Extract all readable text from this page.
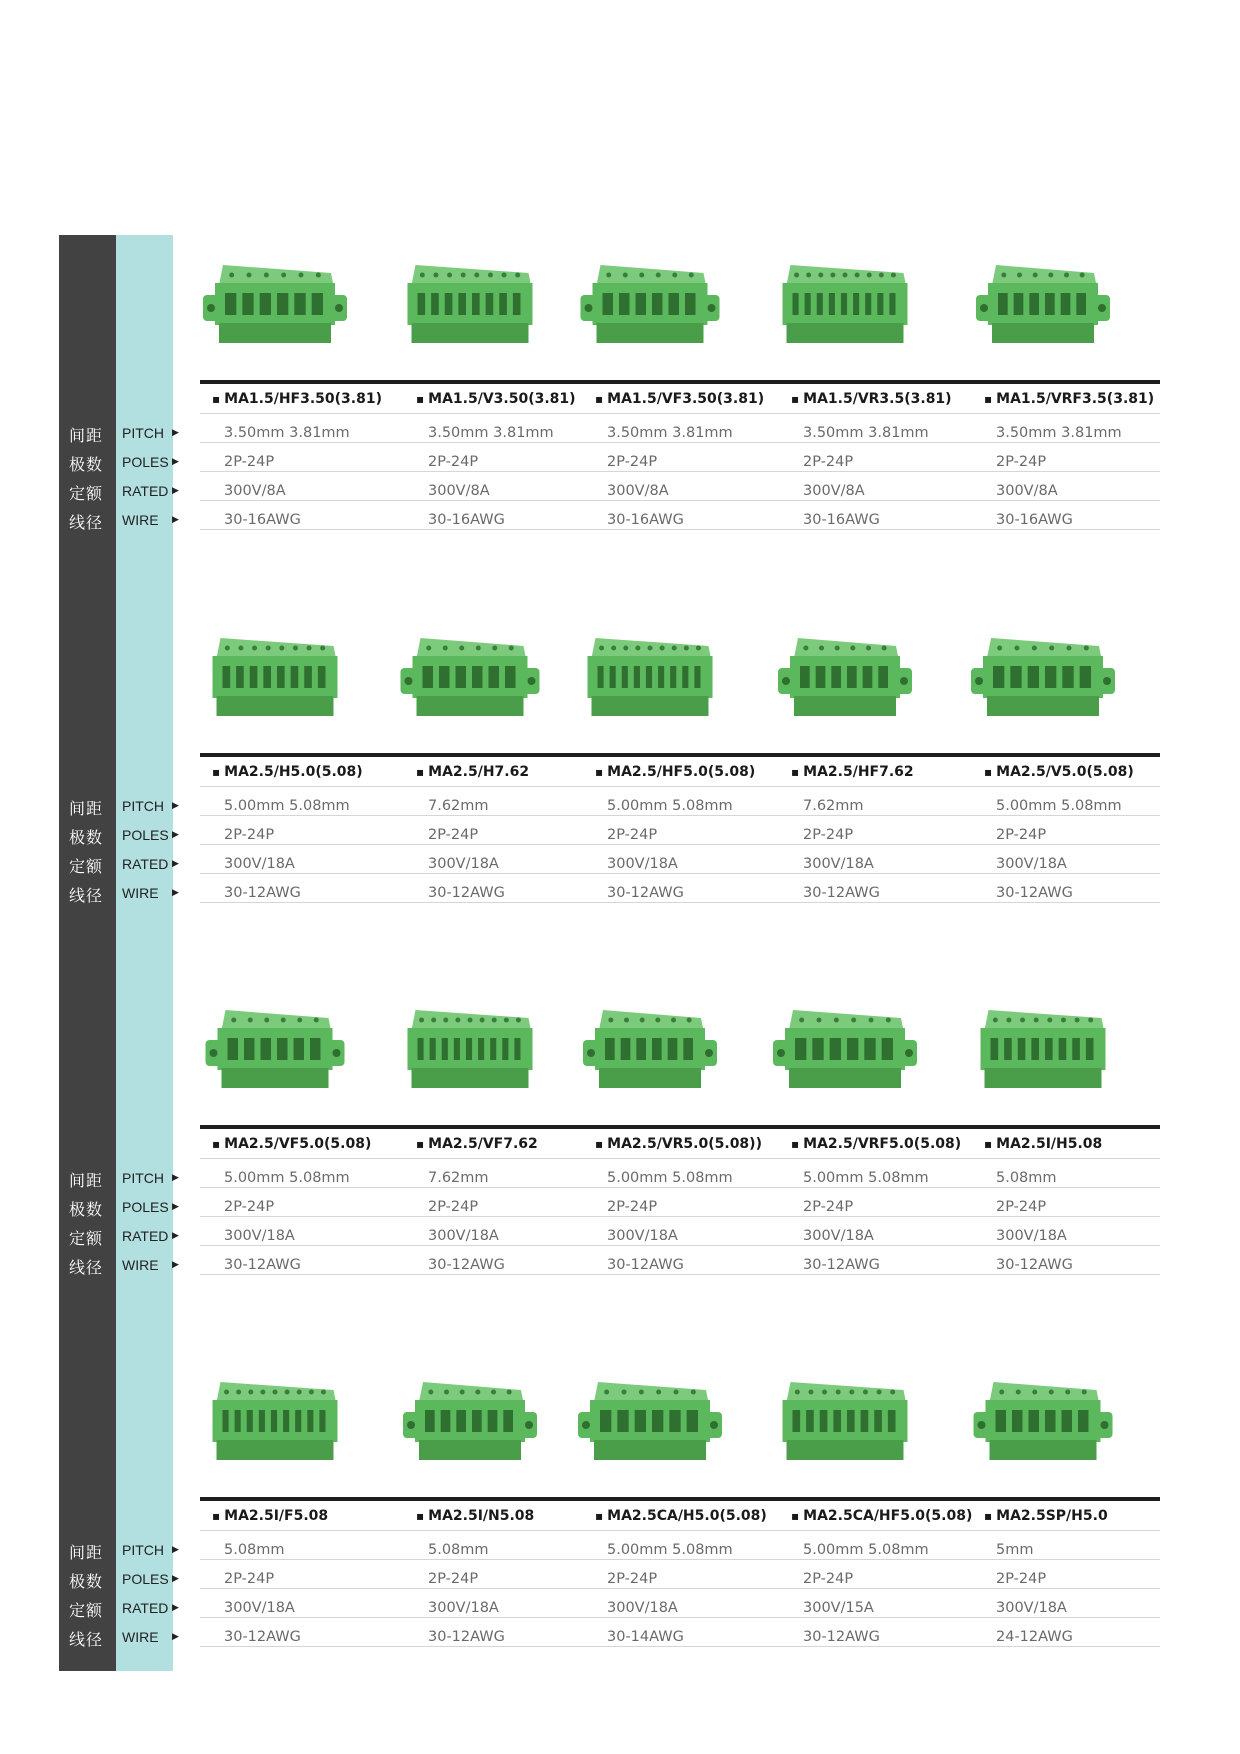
间距 PITCH ▶
极数 POLES ▶
定额 RATED ▶
线径 WIRE ▶
▪ MA1.5/HF3.50(3.81)
3.50mm 3.81mm
2P-24P
300V/8A
30-16AWG
▪ MA1.5/V3.50(3.81)
3.50mm 3.81mm
2P-24P
300V/8A
30-16AWG
▪ MA1.5/VF3.50(3.81)
3.50mm 3.81mm
2P-24P
300V/8A
30-16AWG
▪ MA1.5/VR3.5(3.81)
3.50mm 3.81mm
2P-24P
300V/8A
30-16AWG
▪ MA1.5/VRF3.5(3.81)
3.50mm 3.81mm
2P-24P
300V/8A
30-16AWG
间距 PITCH ▶
极数 POLES ▶
定额 RATED ▶
线径 WIRE ▶
▪ MA2.5/H5.0(5.08)
5.00mm 5.08mm
2P-24P
300V/18A
30-12AWG
▪ MA2.5/H7.62
7.62mm
2P-24P
300V/18A
30-12AWG
▪ MA2.5/HF5.0(5.08)
5.00mm 5.08mm
2P-24P
300V/18A
30-12AWG
▪ MA2.5/HF7.62
7.62mm
2P-24P
300V/18A
30-12AWG
▪ MA2.5/V5.0(5.08)
5.00mm 5.08mm
2P-24P
300V/18A
30-12AWG
间距 PITCH ▶
极数 POLES ▶
定额 RATED ▶
线径 WIRE ▶
▪ MA2.5/VF5.0(5.08)
5.00mm 5.08mm
2P-24P
300V/18A
30-12AWG
▪ MA2.5/VF7.62
7.62mm
2P-24P
300V/18A
30-12AWG
▪ MA2.5/VR5.0(5.08))
5.00mm 5.08mm
2P-24P
300V/18A
30-12AWG
▪ MA2.5/VRF5.0(5.08)
5.00mm 5.08mm
2P-24P
300V/18A
30-12AWG
▪ MA2.5I/H5.08
5.08mm
2P-24P
300V/18A
30-12AWG
间距 PITCH ▶
极数 POLES ▶
定额 RATED ▶
线径 WIRE ▶
▪ MA2.5I/F5.08
5.08mm
2P-24P
300V/18A
30-12AWG
▪ MA2.5I/N5.08
5.08mm
2P-24P
300V/18A
30-12AWG
▪ MA2.5CA/H5.0(5.08)
5.00mm 5.08mm
2P-24P
300V/18A
30-14AWG
▪ MA2.5CA/HF5.0(5.08)
5.00mm 5.08mm
2P-24P
300V/15A
30-12AWG
▪ MA2.5SP/H5.0
5mm
2P-24P
300V/18A
24-12AWG
